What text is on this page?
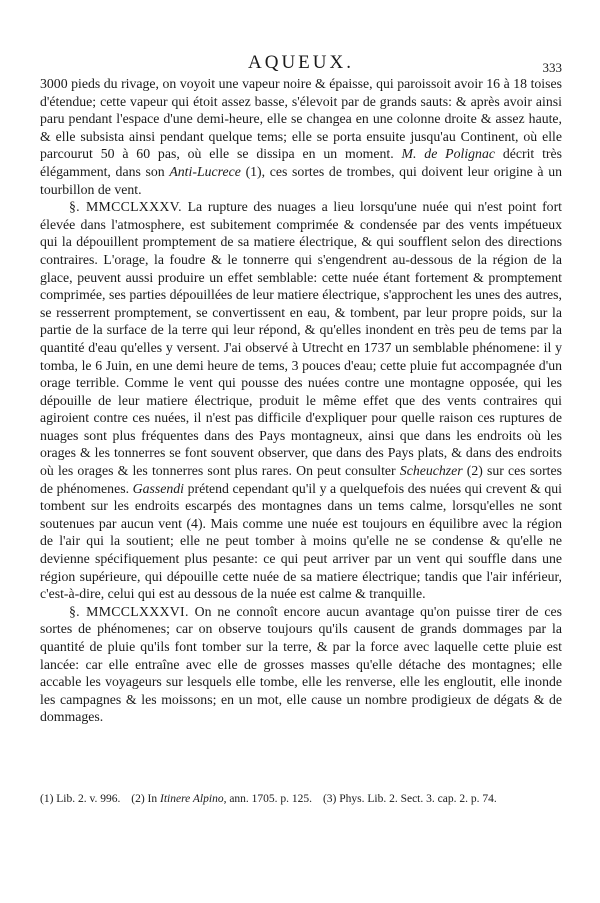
AQUEUX.	333

3000 pieds du rivage, on voyoit une vapeur noire & épaisse, qui paroissoit avoir 16 à 18 toises d'étendue; cette vapeur qui étoit assez basse, s'élevoit par de grands sauts: & après avoir ainsi paru pendant l'espace d'une demi-heure, elle se changea en une colonne droite & assez haute, & elle subsista ainsi pendant quelque tems; elle se porta ensuite jusqu'au Continent, où elle parcourut 50 à 60 pas, où elle se dissipa en un moment. M. de Polignac décrit très élégamment, dans son Anti-Lucrece (1), ces sortes de trombes, qui doivent leur origine à un tourbillon de vent.

§. MMCCLXXXV. La rupture des nuages a lieu lorsqu'une nuée qui n'est point fort élevée dans l'atmosphere, est subitement comprimée & condensée par des vents impétueux qui la dépouillent promptement de sa matiere électrique, & qui soufflent selon des directions contraires. L'orage, la foudre & le tonnerre qui s'engendrent au-dessous de la région de la glace, peuvent aussi produire un effet semblable: cette nuée étant fortement & promptement comprimée, ses parties dépouillées de leur matiere électrique, s'approchent les unes des autres, se resserrent promptement, se convertissent en eau, & tombent, par leur propre poids, sur la partie de la surface de la terre qui leur répond, & qu'elles inondent en très peu de tems par la quantité d'eau qu'elles y versent. J'ai observé à Utrecht en 1737 un semblable phénomene: il y tomba, le 6 Juin, en une demi heure de tems, 3 pouces d'eau; cette pluie fut accompagnée d'un orage terrible. Comme le vent qui pousse des nuées contre une montagne opposée, qui les dépouille de leur matiere électrique, produit le même effet que des vents contraires qui agiroient contre ces nuées, il n'est pas difficile d'expliquer pour quelle raison ces ruptures de nuages sont plus fréquentes dans des Pays montagneux, ainsi que dans les endroits où les orages & les tonnerres se font souvent observer, que dans des Pays plats, & dans des endroits où les orages & les tonnerres sont plus rares. On peut consulter Scheuchzer (2) sur ces sortes de phénomenes. Gassendi prétend cependant qu'il y a quelquefois des nuées qui crevent & qui tombent sur les endroits escarpés des montagnes dans un tems calme, lorsqu'elles ne sont soutenues par aucun vent (4). Mais comme une nuée est toujours en équilibre avec la région de l'air qui la soutient; elle ne peut tomber à moins qu'elle ne se condense & qu'elle ne devienne spécifiquement plus pesante: ce qui peut arriver par un vent qui souffle dans une région supérieure, qui dépouille cette nuée de sa matiere électrique; tandis que l'air inférieur, c'est-à-dire, celui qui est au dessous de la nuée est calme & tranquille.

§. MMCCLXXXVI. On ne connoît encore aucun avantage qu'on puisse tirer de ces sortes de phénomenes; car on observe toujours qu'ils causent de grands dommages par la quantité de pluie qu'ils font tomber sur la terre, & par la force avec laquelle cette pluie est lancée: car elle entraîne avec elle de grosses masses qu'elle détache des montagnes; elle accable les voyageurs sur lesquels elle tombe, elle les renverse, elle les engloutit, elle inonde les campagnes & les moissons; en un mot, elle cause un nombre prodigieux de dégats & de dommages.

(1) Lib. 2. v. 996. (2) In Itinere Alpino, ann. 1705. p. 125. (3) Phys. Lib. 2. Sect. 3. cap. 2. p. 74.
